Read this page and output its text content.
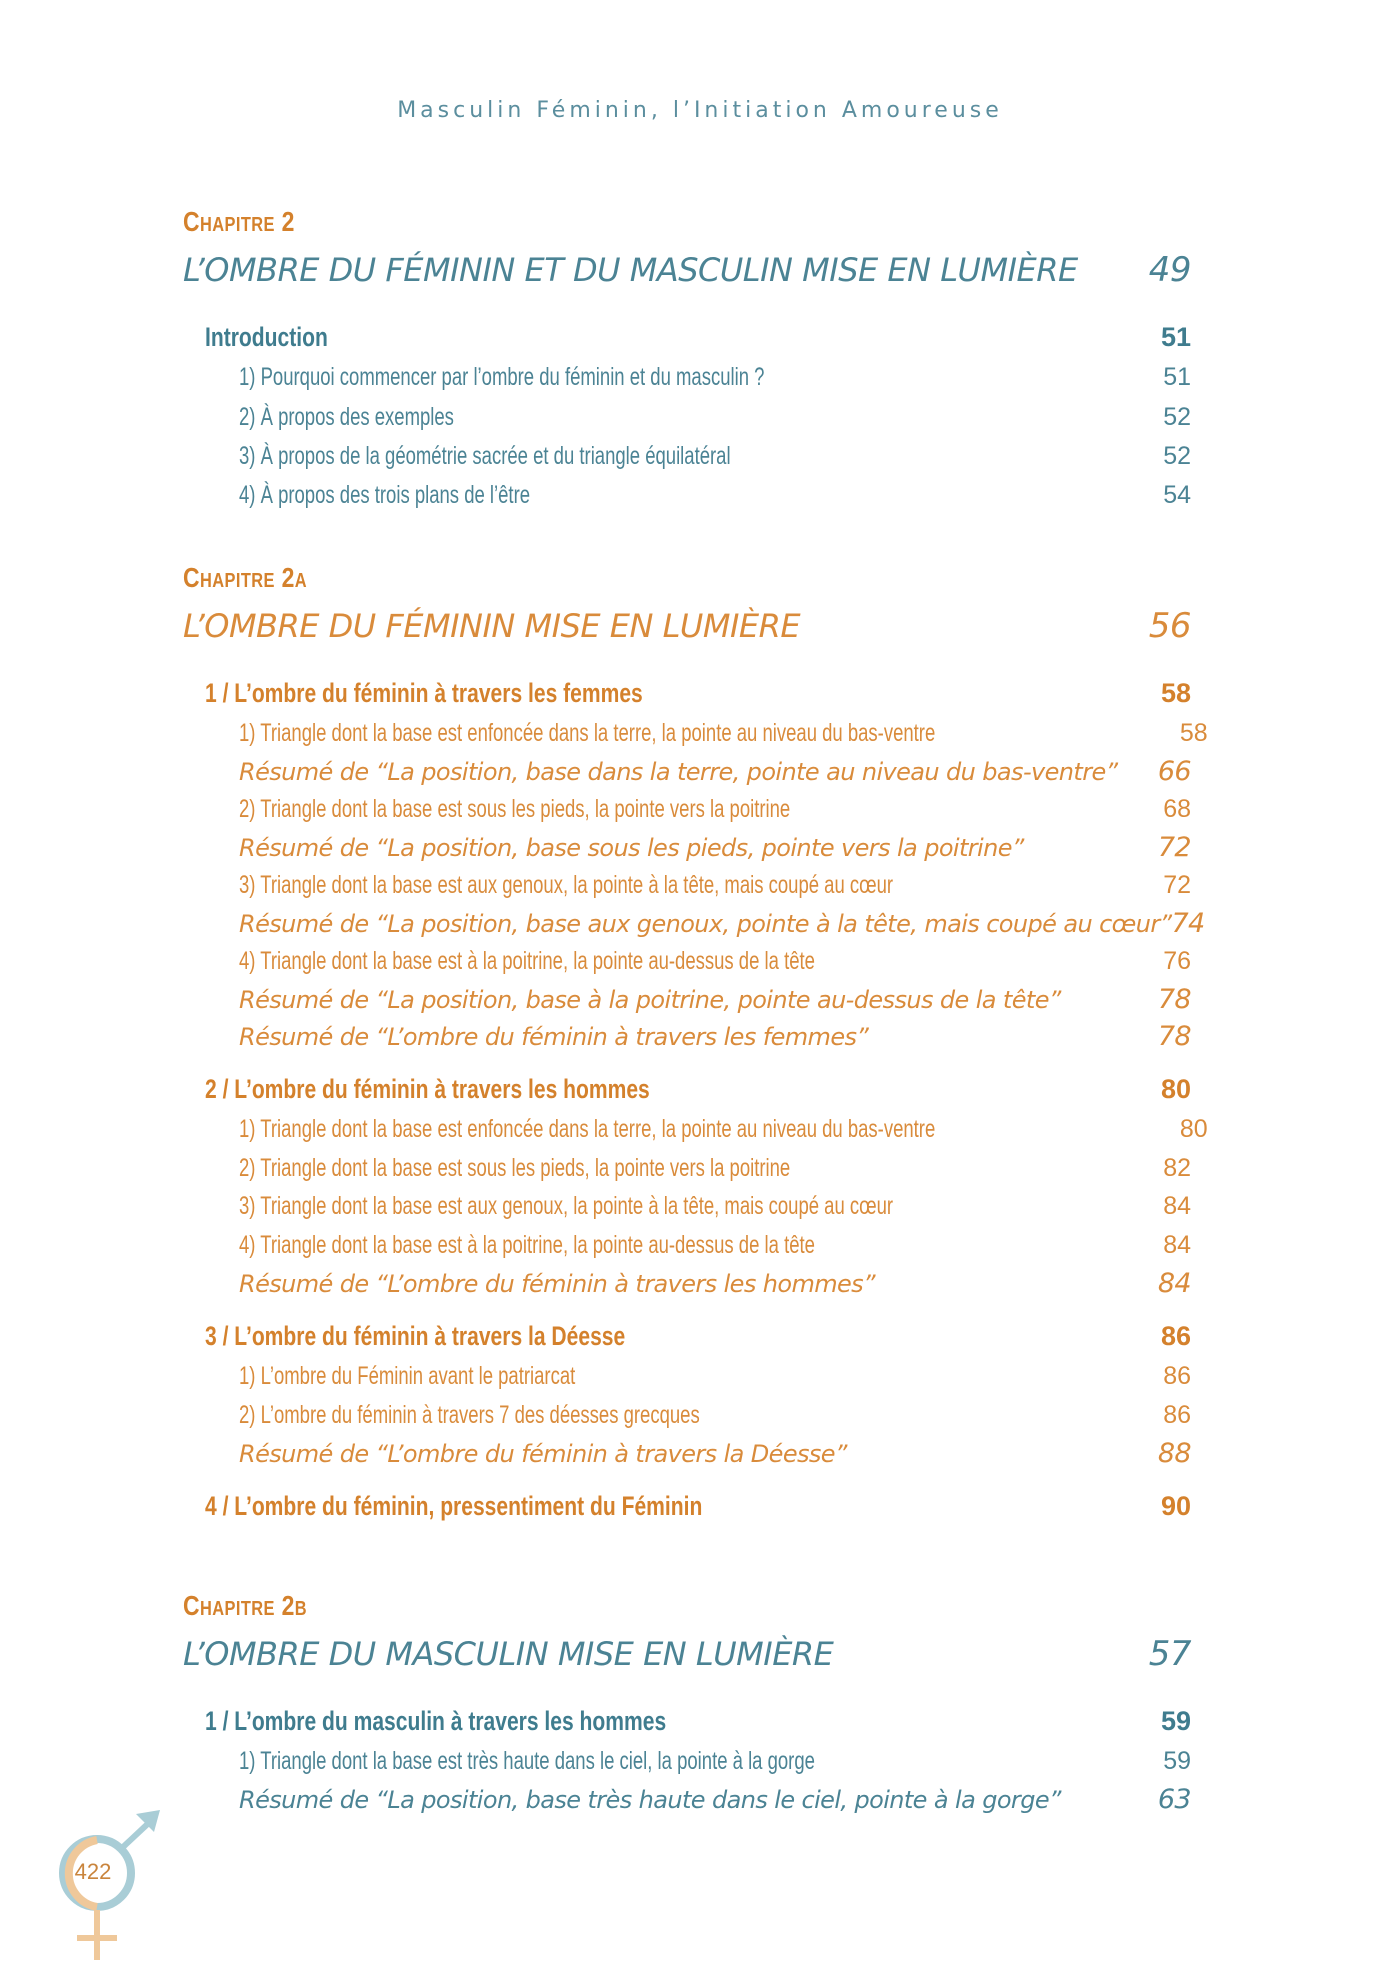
Masculin Féminin, l’Initiation Amoureuse
Chapitre 2
L’OMBRE DU FÉMININ ET DU MASCULIN MISE EN LUMIÈRE 49
Introduction	51
1) Pourquoi commencer par l’ombre du féminin et du masculin ?	51
2) À propos des exemples	52
3) À propos de la géométrie sacrée et du triangle équilatéral	52
4) À propos des trois plans de l’être	54
Chapitre 2a
L’OMBRE DU FÉMININ MISE EN LUMIÈRE	56
1 / L’ombre du féminin à travers les femmes	58
1) Triangle dont la base est enfoncée dans la terre, la pointe au niveau du bas-ventre	58
Résumé de “La position, base dans la terre, pointe au niveau du bas-ventre” 66
2) Triangle dont la base est sous les pieds, la pointe vers la poitrine	68
Résumé de “La position, base sous les pieds, pointe vers la poitrine”	72
3) Triangle dont la base est aux genoux, la pointe à la tête, mais coupé au cœur	72
Résumé de “La position, base aux genoux, pointe à la tête, mais coupé au cœur” 74
4) Triangle dont la base est à la poitrine, la pointe au-dessus de la tête	76
Résumé de “La position, base à la poitrine, pointe au-dessus de la tête”	78
Résumé de “L’ombre du féminin à travers les femmes”	78
2 / L’ombre du féminin à travers les hommes	80
1) Triangle dont la base est enfoncée dans la terre, la pointe au niveau du bas-ventre	80
2) Triangle dont la base est sous les pieds, la pointe vers la poitrine	82
3) Triangle dont la base est aux genoux, la pointe à la tête, mais coupé au cœur	84
4) Triangle dont la base est à la poitrine, la pointe au-dessus de la tête	84
Résumé de “L’ombre du féminin à travers les hommes”	84
3 / L’ombre du féminin à travers la Déesse	86
1) L’ombre du Féminin avant le patriarcat	86
2) L’ombre du féminin à travers 7 des déesses grecques	86
Résumé de “L’ombre du féminin à travers la Déesse”	88
4 / L’ombre du féminin, pressentiment du Féminin	90
Chapitre 2b
L’OMBRE DU MASCULIN MISE EN LUMIÈRE	57
1 / L’ombre du masculin à travers les hommes	59
1) Triangle dont la base est très haute dans le ciel, la pointe à la gorge	59
Résumé de “La position, base très haute dans le ciel, pointe à la gorge”	63
422
